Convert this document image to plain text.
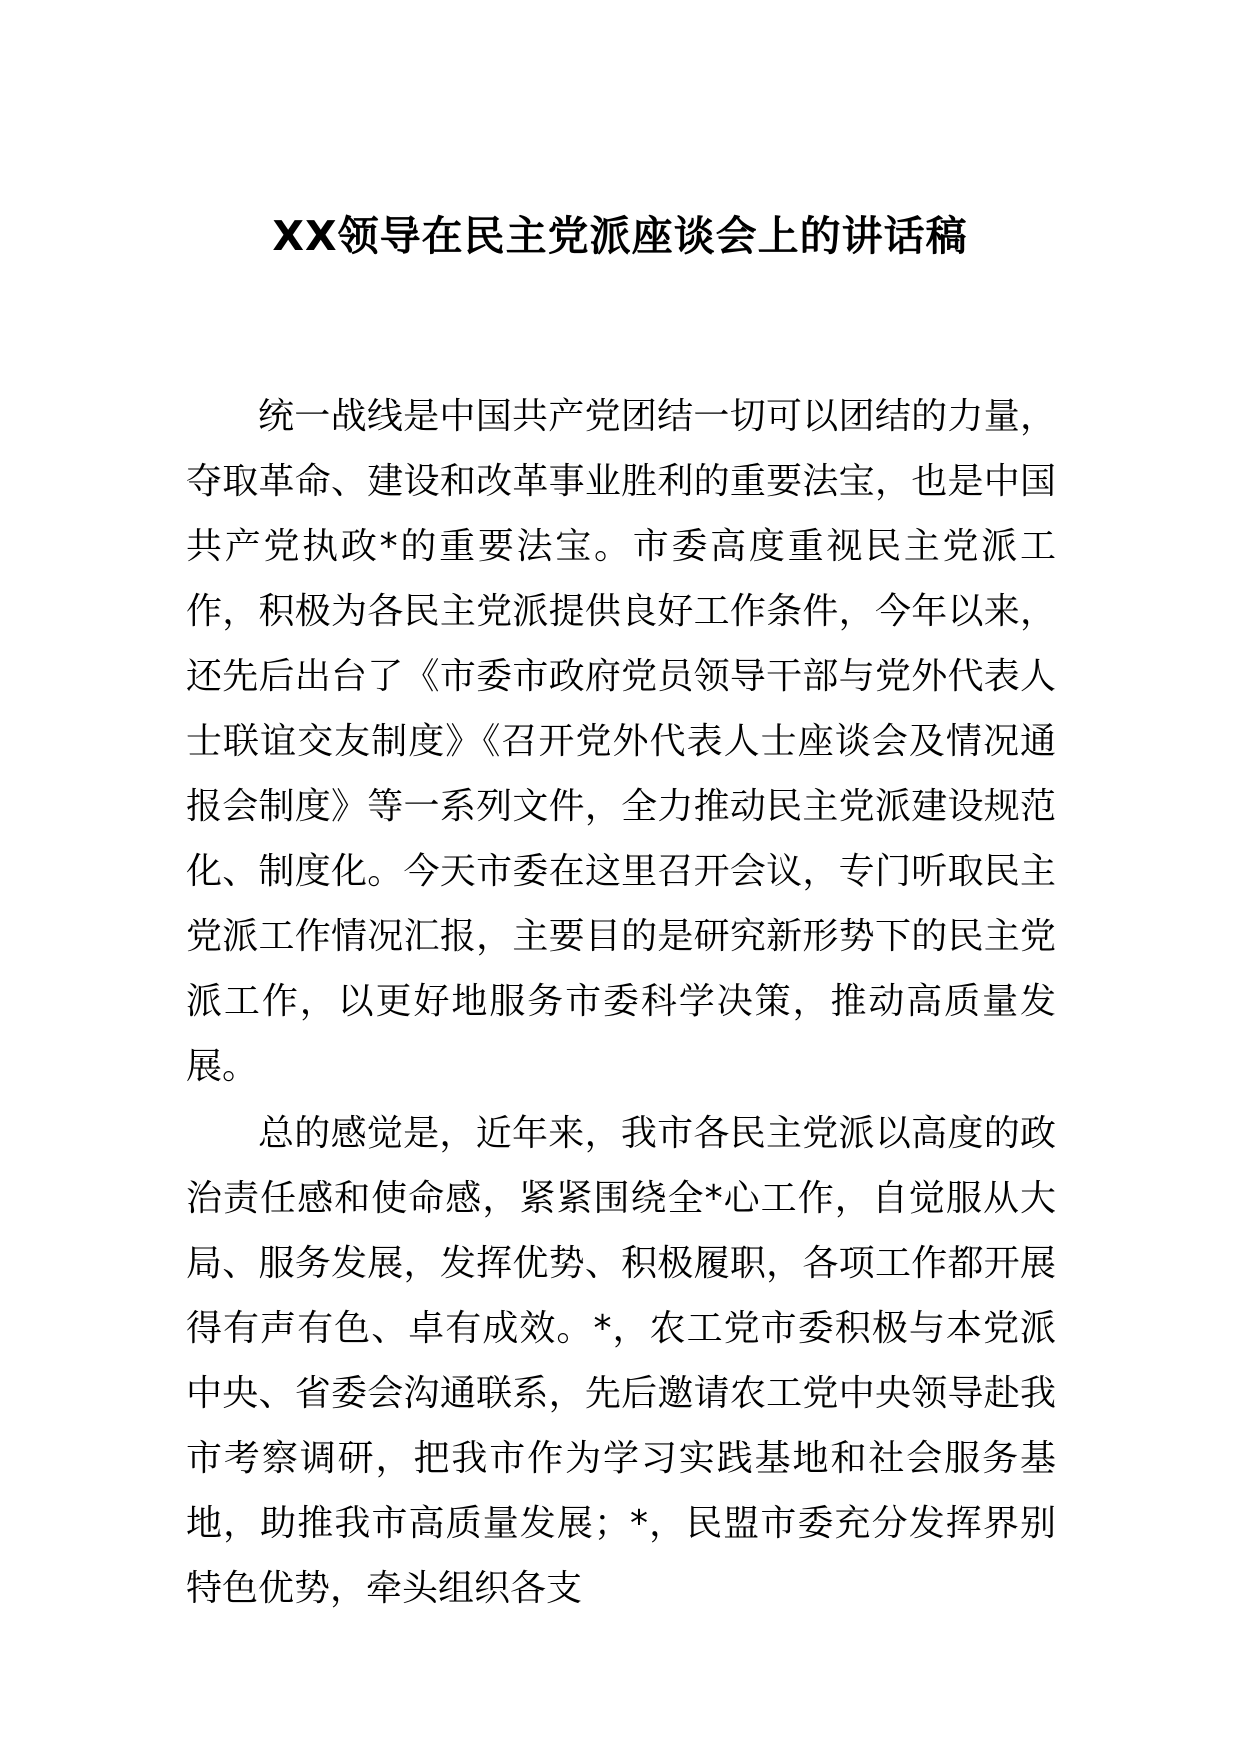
XX领导在民主党派座谈会上的讲话稿

统一战线是中国共产党团结一切可以团结的力量，夺取革命、建设和改革事业胜利的重要法宝，也是中国共产党执政*的重要法宝。市委高度重视民主党派工作，积极为各民主党派提供良好工作条件，今年以来，还先后出台了《市委市政府党员领导干部与党外代表人士联谊交友制度》《召开党外代表人士座谈会及情况通报会制度》等一系列文件，全力推动民主党派建设规范化、制度化。今天市委在这里召开会议，专门听取民主党派工作情况汇报，主要目的是研究新形势下的民主党派工作，以更好地服务市委科学决策，推动高质量发展。

总的感觉是，近年来，我市各民主党派以高度的政治责任感和使命感，紧紧围绕全*心工作，自觉服从大局、服务发展，发挥优势、积极履职，各项工作都开展得有声有色、卓有成效。*，农工党市委积极与本党派中央、省委会沟通联系，先后邀请农工党中央领导赴我市考察调研，把我市作为学习实践基地和社会服务基地，助推我市高质量发展；*，民盟市委充分发挥界别特色优势，牵头组织各支
